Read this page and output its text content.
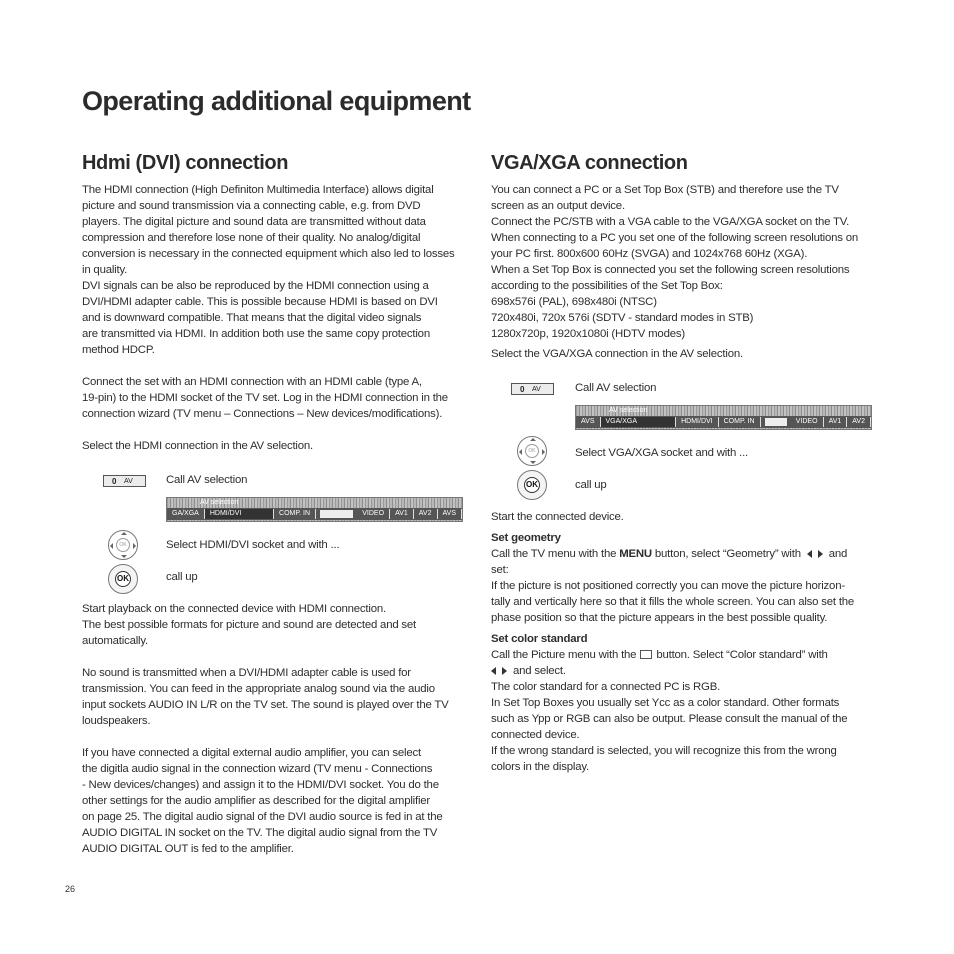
Operating additional equipment
Hdmi (DVI) connection

The HDMI connection (High Definiton Multimedia Interface) allows digital

picture and sound transmission via a connecting cable, e.g. from DVD

players. The digital picture and sound data are transmitted without data

compression and therefore lose none of their quality. No analog/digital

conversion is necessary in the connected equipment which also led to losses

in quality.

DVI signals can be also be reproduced by the HDMI connection using a

DVI/HDMI adapter cable. This is possible because HDMI is based on DVI

and is downward compatible. That means that the digital video signals

are transmitted via HDMI. In addition both use the same copy protection

method HDCP.

Connect the set with an HDMI connection with an HDMI cable (type A,

19-pin) to the HDMI socket of the TV set. Log in the HDMI connection in the

connection wizard (TV menu – Connections – New devices/modifications).

Select the HDMI connection in the AV selection.

0 AV	Call AV selection
AV selection
GA/XGA	HDMI/DVI	COMP. IN	VIDEO	AV1	AV2	AVS
OK	Select HDMI/DVI socket and with ...
OK	call up

Start playback on the connected device with HDMI connection.

The best possible formats for picture and sound are detected and set

automatically.

No sound is transmitted when a DVI/HDMI adapter cable is used for

transmission. You can feed in the appropriate analog sound via the audio

input sockets AUDIO IN L/R on the TV set. The sound is played over the TV

loudspeakers.

If you have connected a digital external audio amplifier, you can select

the digitla audio signal in the connection wizard (TV menu - Connections

- New devices/changes) and assign it to the HDMI/DVI socket. You do the

other settings for the audio amplifier as described for the digital amplifier

on page 25. The digital audio signal of the DVI audio source is fed in at the

AUDIO DIGITAL IN socket on the TV. The digital audio signal from the TV

AUDIO DIGITAL OUT is fed to the amplifier.

VGA/XGA connection

You can connect a PC or a Set Top Box (STB) and therefore use the TV

screen as an output device.

Connect the PC/STB with a VGA cable to the VGA/XGA socket on the TV.

When connecting to a PC you set one of the following screen resolutions on

your PC first. 800x600 60Hz (SVGA) and 1024x768 60Hz (XGA).

When a Set Top Box is connected you set the following screen resolutions

according to the possibilities of the Set Top Box:

698x576i (PAL), 698x480i (NTSC)

720x480i, 720x 576i (SDTV - standard modes in STB)

1280x720p, 1920x1080i (HDTV modes)

Select the VGA/XGA connection in the AV selection.

0 AV	Call AV selection
AV selection
AVS	VGA/XGA	HDMI/DVI	COMP. IN	VIDEO	AV1	AV2
OK	Select VGA/XGA socket and with ...
OK	call up

Start the connected device.

Set geometry

Call the TV menu with the MENU button, select “Geometry” with and

set:

If the picture is not positioned correctly you can move the picture horizon-

tally and vertically here so that it fills the whole screen. You can also set the

phase position so that the picture appears in the best possible quality.

Set color standard

Call the Picture menu with the button. Select “Color standard” with

and select.

The color standard for a connected PC is RGB.

In Set Top Boxes you usually set Ycc as a color standard. Other formats

such as Ypp or RGB can also be output. Please consult the manual of the

connected device.

If the wrong standard is selected, you will recognize this from the wrong

colors in the display.

26
